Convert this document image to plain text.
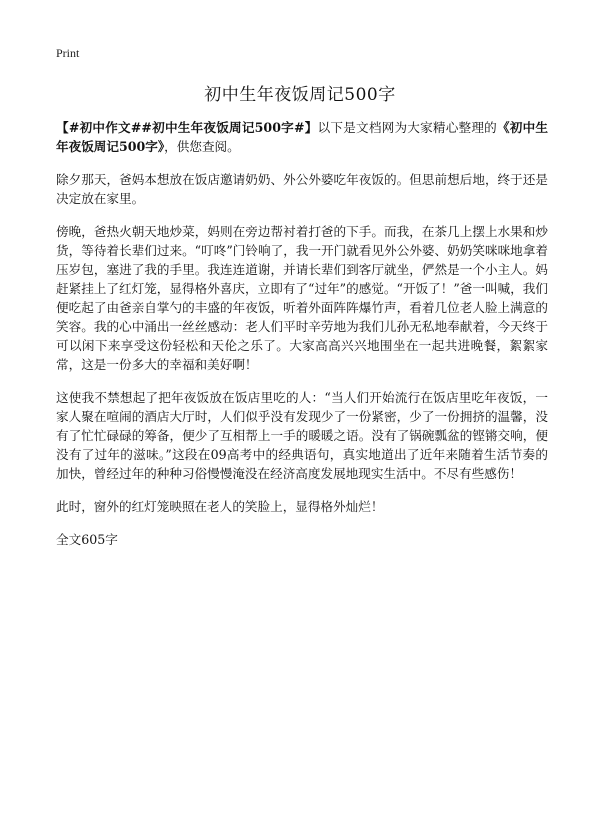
Print
初中生年夜饭周记500字

【#初中作文##初中生年夜饭周记500字#】以下是文档网为大家精心整理的《初中生年夜饭周记500字》，供您查阅。

除夕那天，爸妈本想放在饭店邀请奶奶、外公外婆吃年夜饭的。但思前想后地，终于还是决定放在家里。

傍晚，爸热火朝天地炒菜，妈则在旁边帮衬着打爸的下手。而我，在茶几上摆上水果和炒货，等待着长辈们过来。“叮咚”门铃响了，我一开门就看见外公外婆、奶奶笑咪咪地拿着压岁包，塞进了我的手里。我连连道谢，并请长辈们到客厅就坐，俨然是一个小主人。妈赶紧挂上了红灯笼，显得格外喜庆，立即有了“过年”的感觉。“开饭了！”爸一叫喊，我们便吃起了由爸亲自掌勺的丰盛的年夜饭，听着外面阵阵爆竹声，看着几位老人脸上满意的笑容。我的心中涌出一丝丝感动：老人们平时辛劳地为我们儿孙无私地奉献着，今天终于可以闲下来享受这份轻松和天伦之乐了。大家高高兴兴地围坐在一起共进晚餐，絮絮家常，这是一份多大的幸福和美好啊！

这使我不禁想起了把年夜饭放在饭店里吃的人：“当人们开始流行在饭店里吃年夜饭，一家人聚在喧闹的酒店大厅时，人们似乎没有发现少了一份紧密，少了一份拥挤的温馨，没有了忙忙碌碌的筹备，便少了互相帮上一手的暖暖之语。没有了锅碗瓢盆的铿锵交响，便没有了过年的滋味。”这段在09高考中的经典语句，真实地道出了近年来随着生活节奏的加快，曾经过年的种种习俗慢慢淹没在经济高度发展地现实生活中。不尽有些感伤！

此时，窗外的红灯笼映照在老人的笑脸上，显得格外灿烂！

全文605字
